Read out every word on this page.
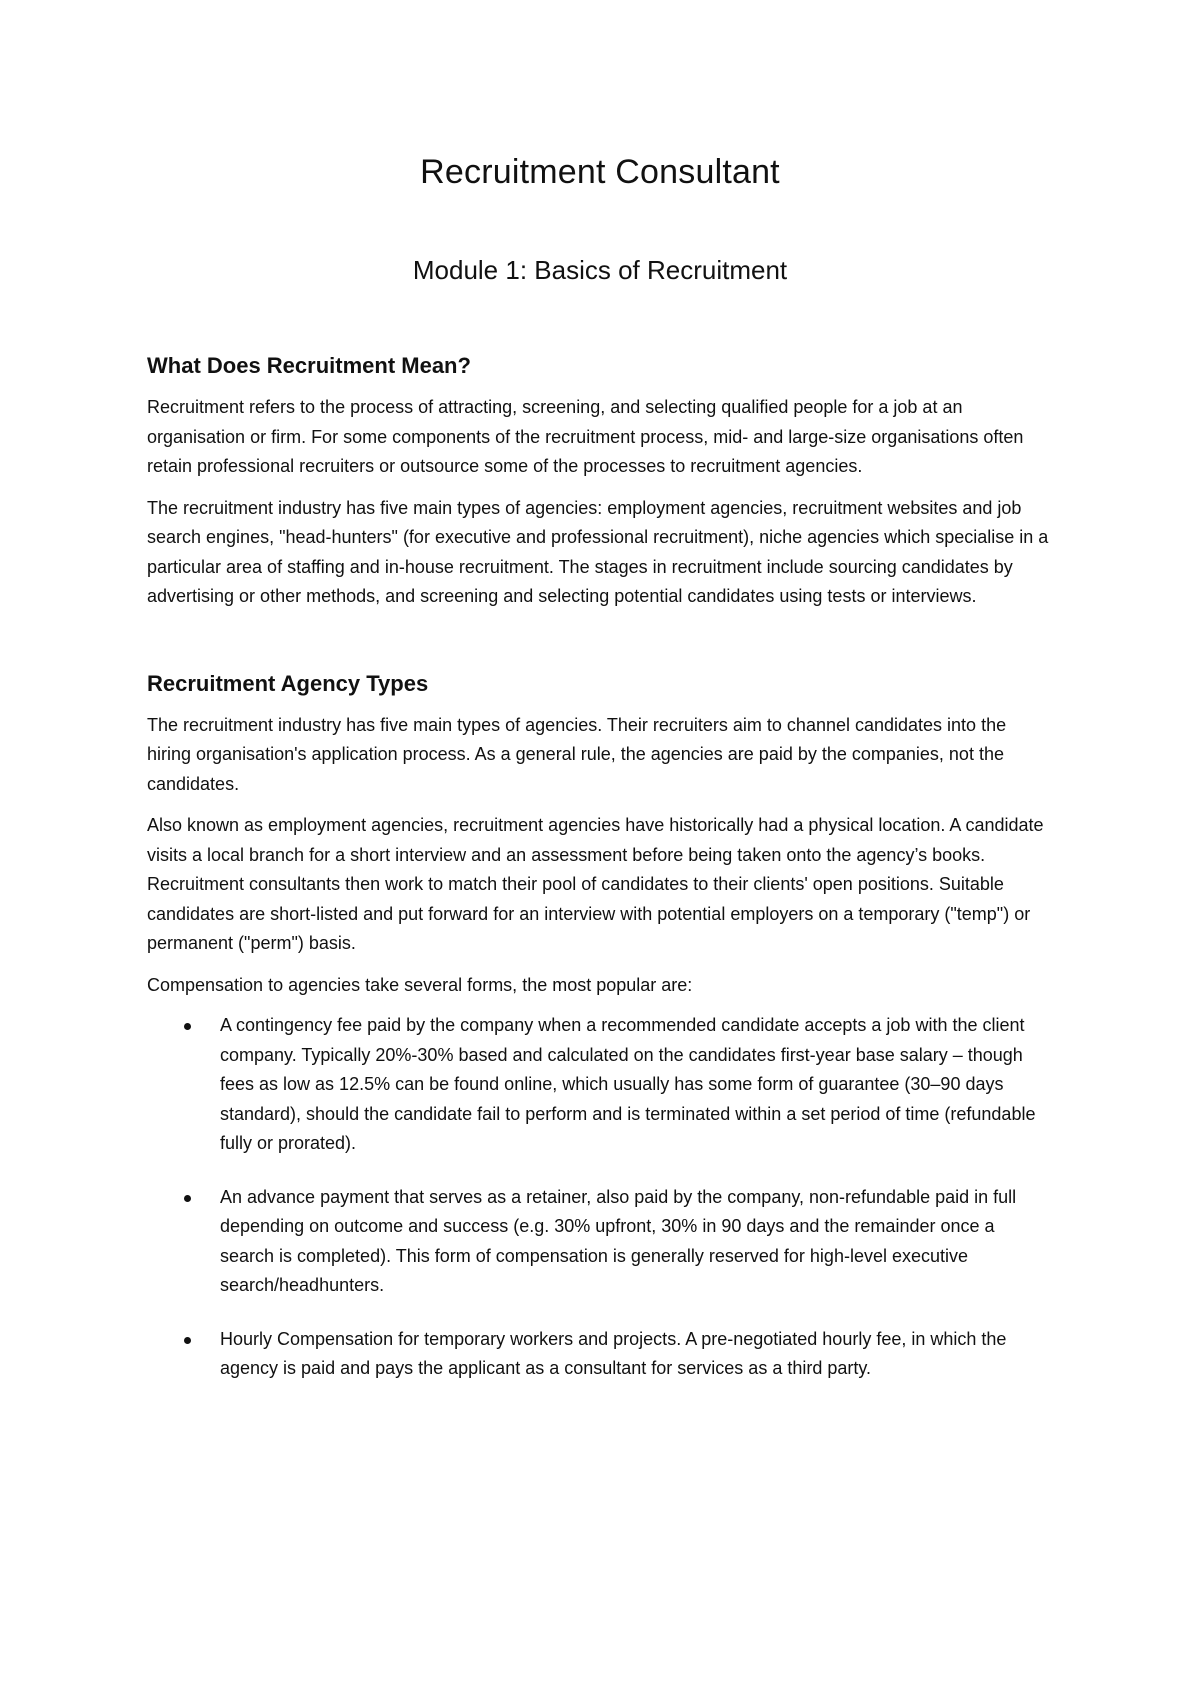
Recruitment Consultant
Module 1: Basics of Recruitment
What Does Recruitment Mean?

Recruitment refers to the process of attracting, screening, and selecting qualified people for a job at an organisation or firm. For some components of the recruitment process, mid- and large-size organisations often retain professional recruiters or outsource some of the processes to recruitment agencies.

The recruitment industry has five main types of agencies: employment agencies, recruitment websites and job search engines, "head-hunters" (for executive and professional recruitment), niche agencies which specialise in a particular area of staffing and in-house recruitment. The stages in recruitment include sourcing candidates by advertising or other methods, and screening and selecting potential candidates using tests or interviews.

Recruitment Agency Types

The recruitment industry has five main types of agencies. Their recruiters aim to channel candidates into the hiring organisation's application process. As a general rule, the agencies are paid by the companies, not the candidates.

Also known as employment agencies, recruitment agencies have historically had a physical location. A candidate visits a local branch for a short interview and an assessment before being taken onto the agency’s books. Recruitment consultants then work to match their pool of candidates to their clients' open positions. Suitable candidates are short-listed and put forward for an interview with potential employers on a temporary ("temp") or permanent ("perm") basis.

Compensation to agencies take several forms, the most popular are:

A contingency fee paid by the company when a recommended candidate accepts a job with the client company. Typically 20%-30% based and calculated on the candidates first-year base salary – though fees as low as 12.5% can be found online, which usually has some form of guarantee (30–90 days standard), should the candidate fail to perform and is terminated within a set period of time (refundable fully or prorated).
An advance payment that serves as a retainer, also paid by the company, non-refundable paid in full depending on outcome and success (e.g. 30% upfront, 30% in 90 days and the remainder once a search is completed). This form of compensation is generally reserved for high-level executive search/headhunters.
Hourly Compensation for temporary workers and projects. A pre-negotiated hourly fee, in which the agency is paid and pays the applicant as a consultant for services as a third party.
